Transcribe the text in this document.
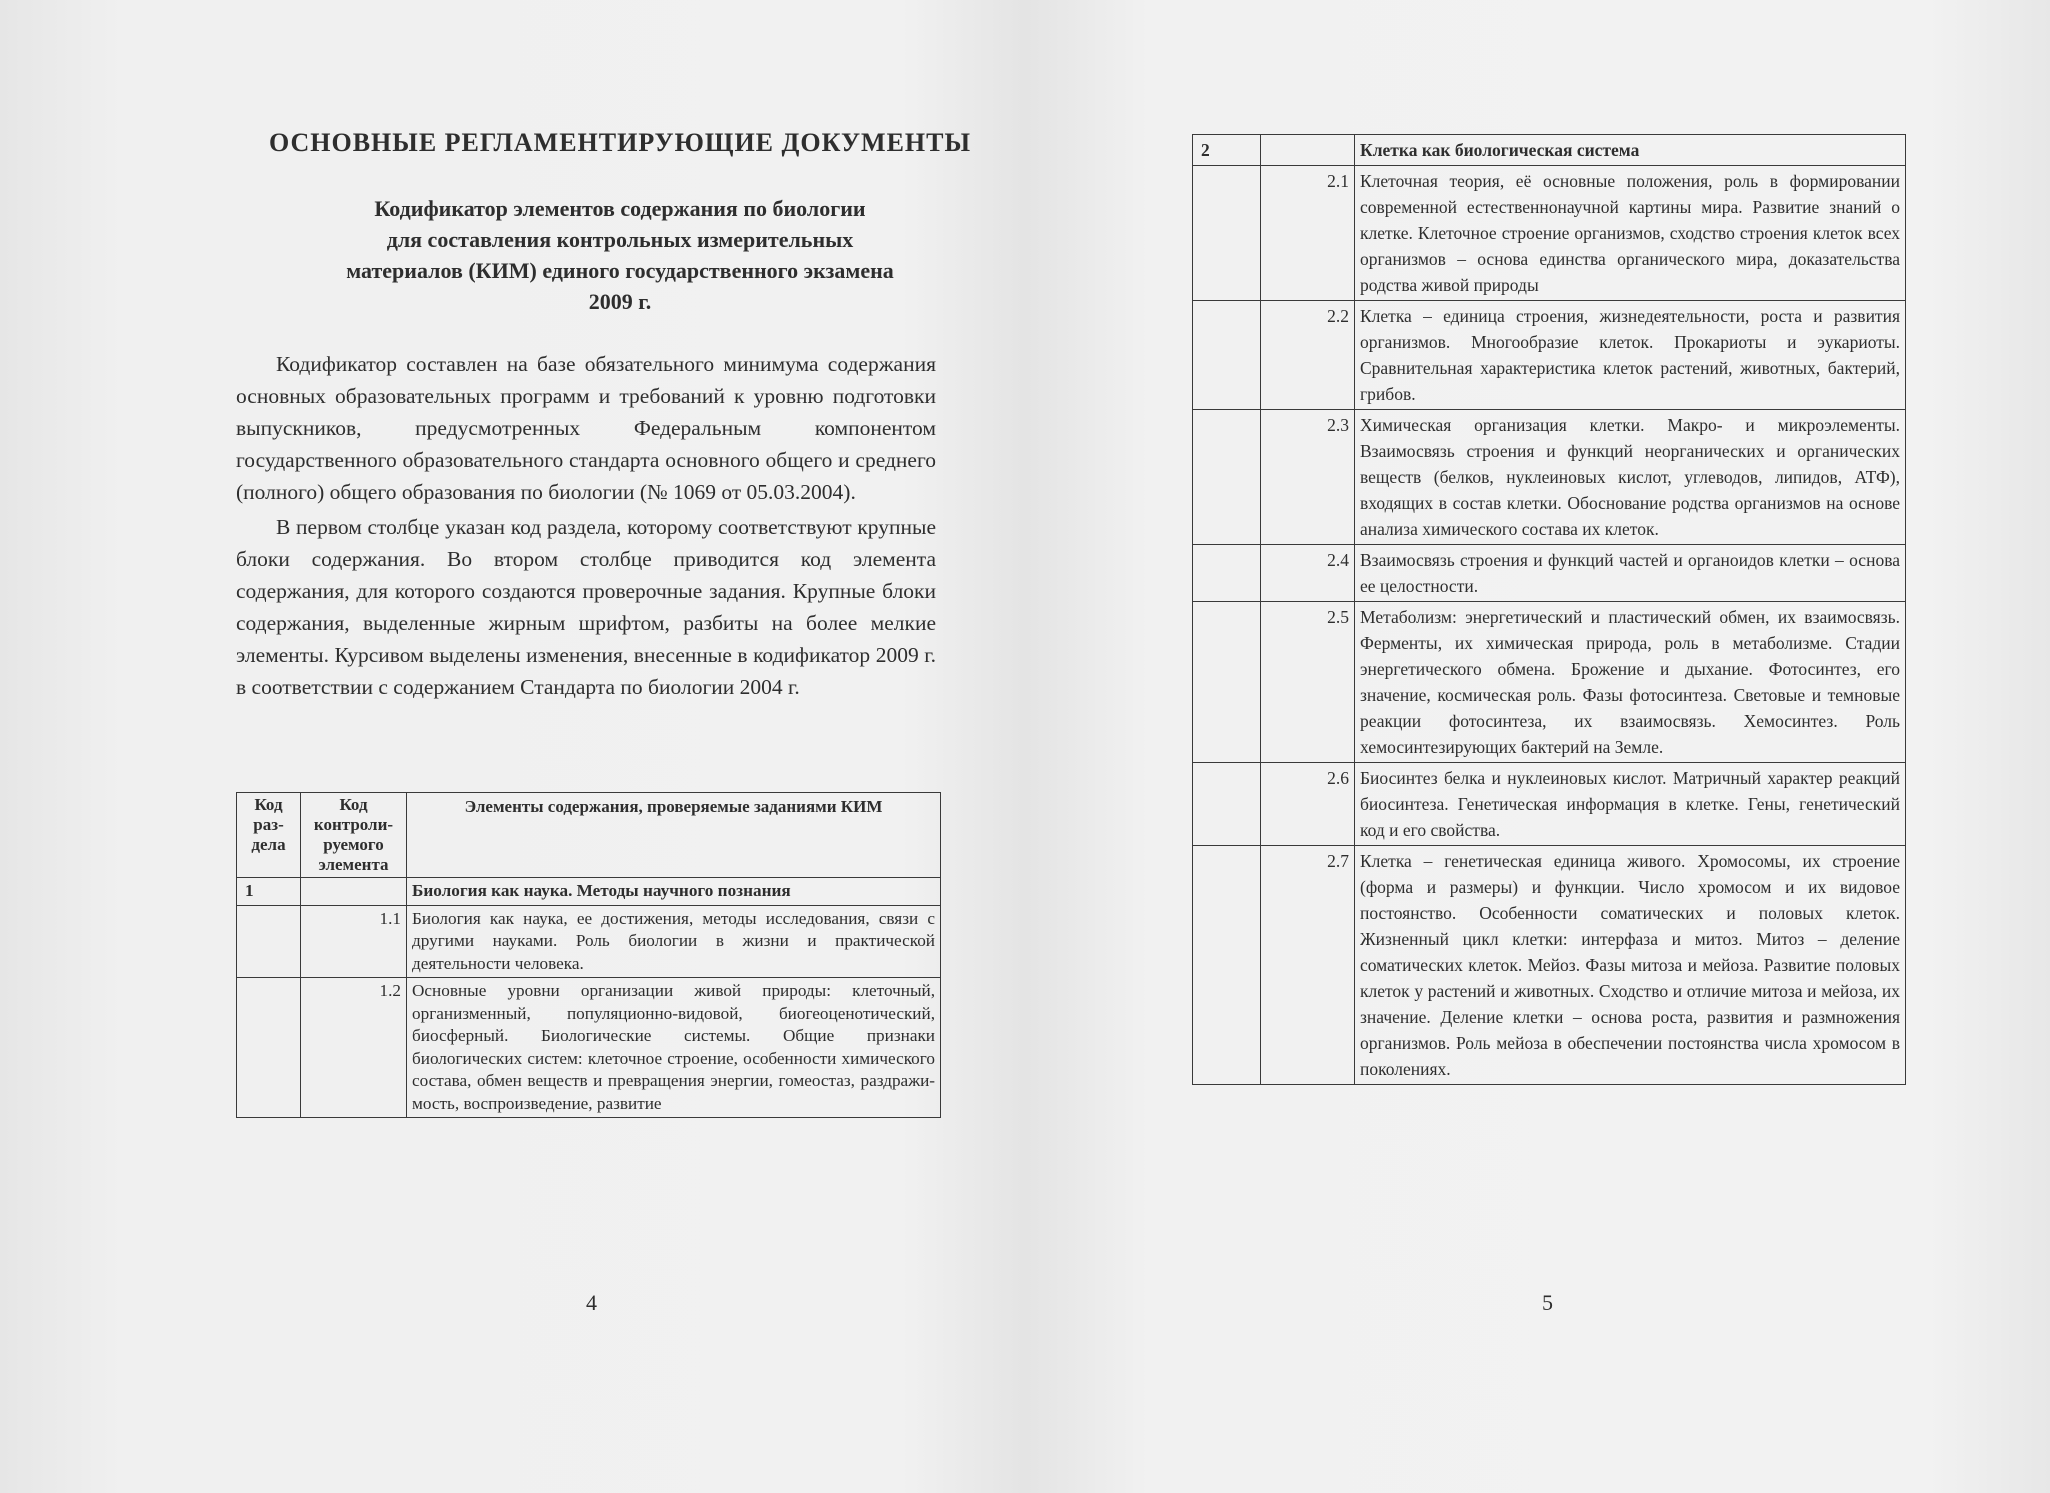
ОСНОВНЫЕ РЕГЛАМЕНТИРУЮЩИЕ ДОКУМЕНТЫ
Кодификатор элементов содержания по биологии
для составления контрольных измерительных
материалов (КИМ) единого государственного экзамена
2009 г.

Кодификатор составлен на базе обязательного минимума содержания основных образовательных программ и требований к уровню подготовки выпускников, предусмотренных Федеральным компонентом государственного образовательного стандарта основного общего и среднего (полного) общего образования по биологии (№ 1069 от 05.03.2004).

В первом столбце указан код раздела, которому соответствуют крупные блоки содержания. Во втором столбце приводится код элемента содержания, для которого создаются проверочные задания. Крупные блоки содержания, выделенные жирным шрифтом, разбиты на более мелкие элементы. Курсивом выделены изменения, внесенные в кодификатор 2009 г. в соответствии с содержанием Стандарта по биологии 2004 г.

Код раздела	Код контролируемого элемента	Элементы содержания, проверяемые заданиями КИМ
1		Биология как наука. Методы научного познания
	1.1	Биология как наука, ее достижения, методы исследования, связи с другими науками. Роль биологии в жизни и практической деятельности человека.
	1.2	Основные уровни организации живой природы: клеточный, организменный, популяционно-видовой, биогеоценотический, биосферный. Биологические системы. Общие признаки биологических систем: клеточное строение, особенности химического состава, обмен веществ и превращения энергии, гомеостаз, раздражимость, воспроизведение, развитие
4
2		Клетка как биологическая система
	2.1	Клеточная теория, её основные положения, роль в формировании современной естественнонаучной картины мира. Развитие знаний о клетке. Клеточное строение организмов, сходство строения клеток всех организмов – основа единства органического мира, доказательства родства живой природы
	2.2	Клетка – единица строения, жизнедеятельности, роста и развития организмов. Многообразие клеток. Прокариоты и эукариоты. Сравнительная характеристика клеток растений, животных, бактерий, грибов.
	2.3	Химическая организация клетки. Макро- и микроэлементы. Взаимосвязь строения и функций неорганических и органических веществ (белков, нуклеиновых кислот, углеводов, липидов, АТФ), входящих в состав клетки. Обоснование родства организмов на основе анализа химического состава их клеток.
	2.4	Взаимосвязь строения и функций частей и органоидов клетки – основа ее целостности.
	2.5	Метаболизм: энергетический и пластический обмен, их взаимосвязь. Ферменты, их химическая природа, роль в метаболизме. Стадии энергетического обмена. Брожение и дыхание. Фотосинтез, его значение, космическая роль. Фазы фотосинтеза. Световые и темновые реакции фотосинтеза, их взаимосвязь. Хемосинтез. Роль хемосинтезирующих бактерий на Земле.
	2.6	Биосинтез белка и нуклеиновых кислот. Матричный характер реакций биосинтеза. Генетическая информация в клетке. Гены, генетический код и его свойства.
	2.7	Клетка – генетическая единица живого. Хромосомы, их строение (форма и размеры) и функции. Число хромосом и их видовое постоянство. Особенности соматических и половых клеток. Жизненный цикл клетки: интерфаза и митоз. Митоз – деление соматических клеток. Мейоз. Фазы митоза и мейоза. Развитие половых клеток у растений и животных. Сходство и отличие митоза и мейоза, их значение. Деление клетки – основа роста, развития и размножения организмов. Роль мейоза в обеспечении постоянства числа хромосом в поколениях.
5
